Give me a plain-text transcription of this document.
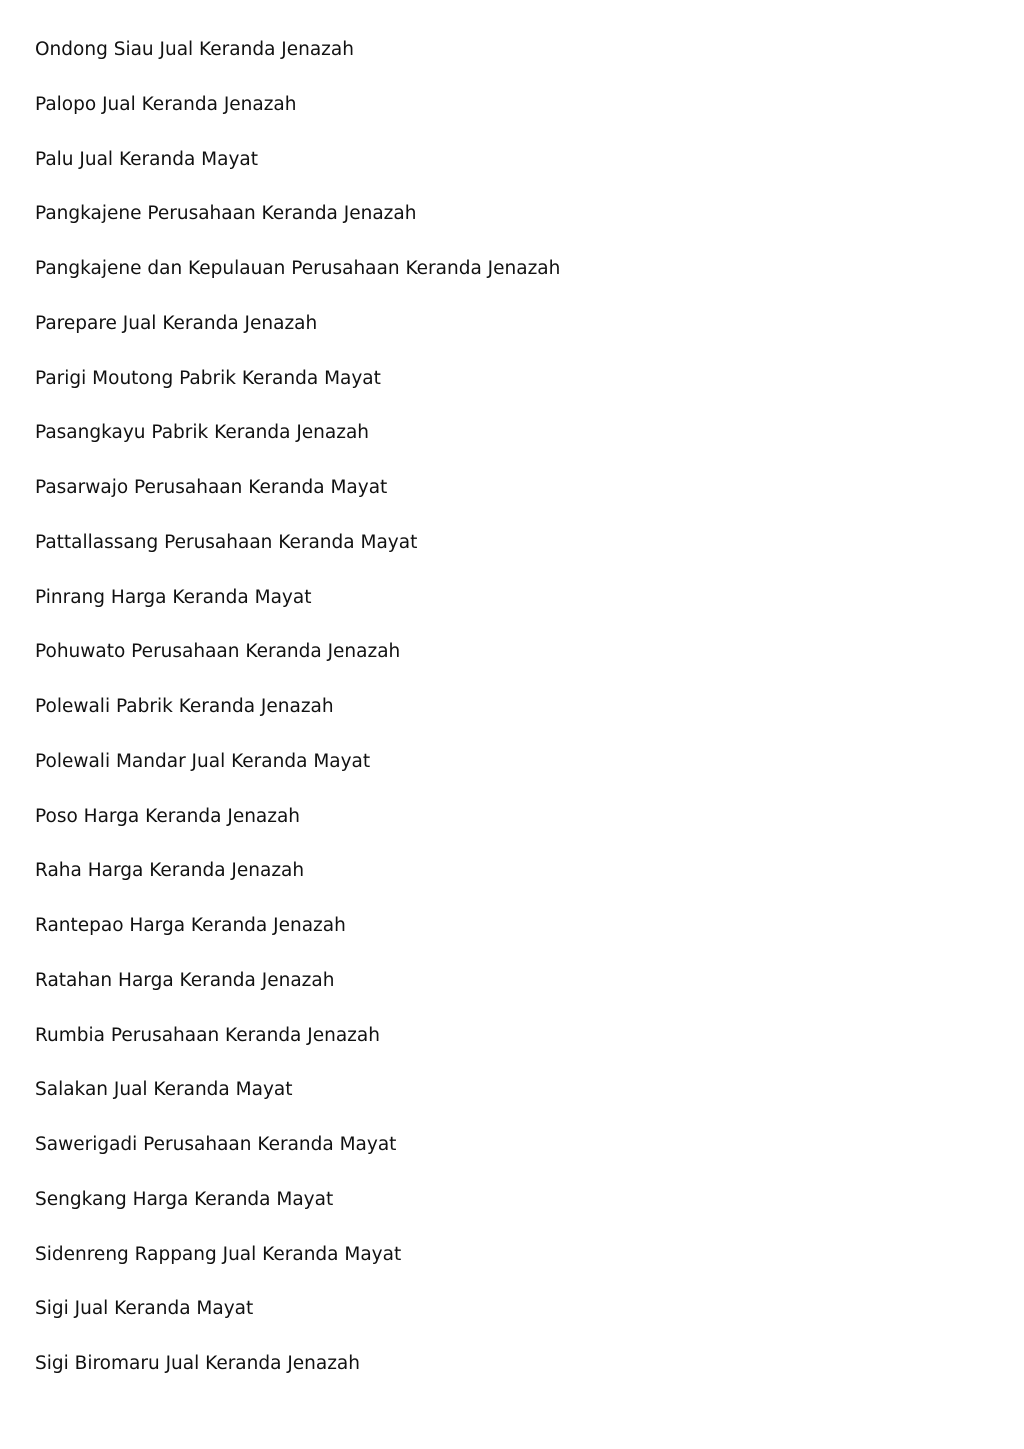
Ondong Siau Jual Keranda Jenazah
Palopo Jual Keranda Jenazah
Palu Jual Keranda Mayat
Pangkajene Perusahaan Keranda Jenazah
Pangkajene dan Kepulauan Perusahaan Keranda Jenazah
Parepare Jual Keranda Jenazah
Parigi Moutong Pabrik Keranda Mayat
Pasangkayu Pabrik Keranda Jenazah
Pasarwajo Perusahaan Keranda Mayat
Pattallassang Perusahaan Keranda Mayat
Pinrang Harga Keranda Mayat
Pohuwato Perusahaan Keranda Jenazah
Polewali Pabrik Keranda Jenazah
Polewali Mandar Jual Keranda Mayat
Poso Harga Keranda Jenazah
Raha Harga Keranda Jenazah
Rantepao Harga Keranda Jenazah
Ratahan Harga Keranda Jenazah
Rumbia Perusahaan Keranda Jenazah
Salakan Jual Keranda Mayat
Sawerigadi Perusahaan Keranda Mayat
Sengkang Harga Keranda Mayat
Sidenreng Rappang Jual Keranda Mayat
Sigi Jual Keranda Mayat
Sigi Biromaru Jual Keranda Jenazah
